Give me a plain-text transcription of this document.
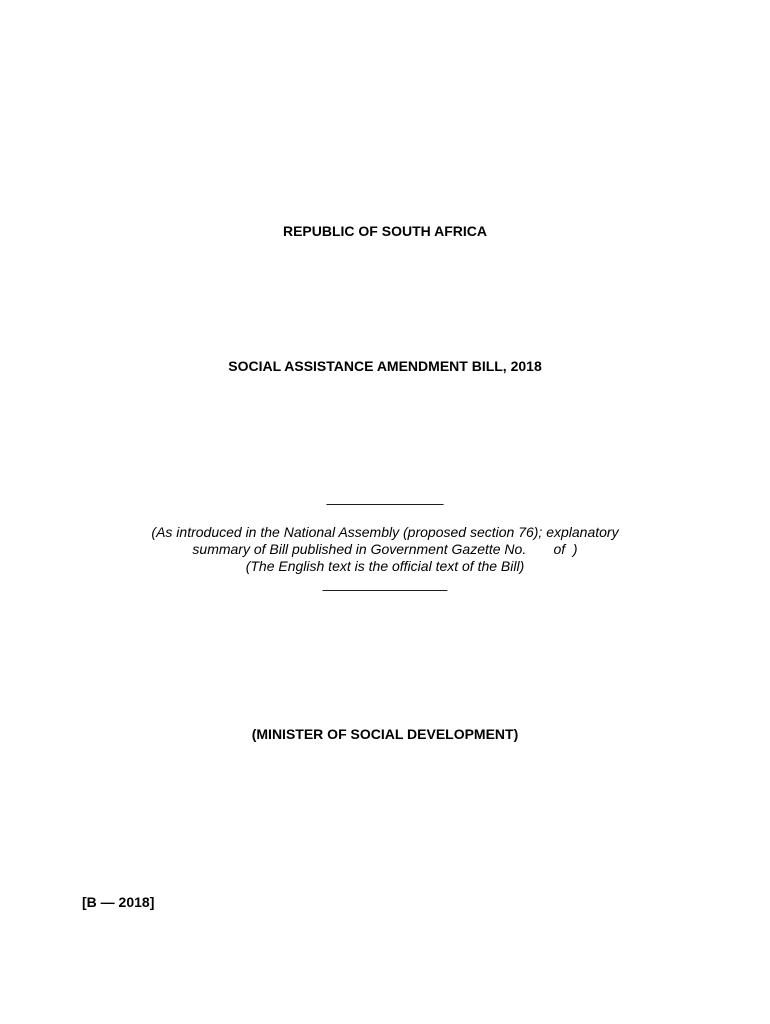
REPUBLIC OF SOUTH AFRICA
SOCIAL ASSISTANCE AMENDMENT BILL, 2018
_______________
(As introduced in the National Assembly (proposed section 76); explanatory
summary of Bill published in Government Gazette No.       of  )
(The English text is the official text of the Bill)
________________
(MINISTER OF SOCIAL DEVELOPMENT)
[B — 2018]
